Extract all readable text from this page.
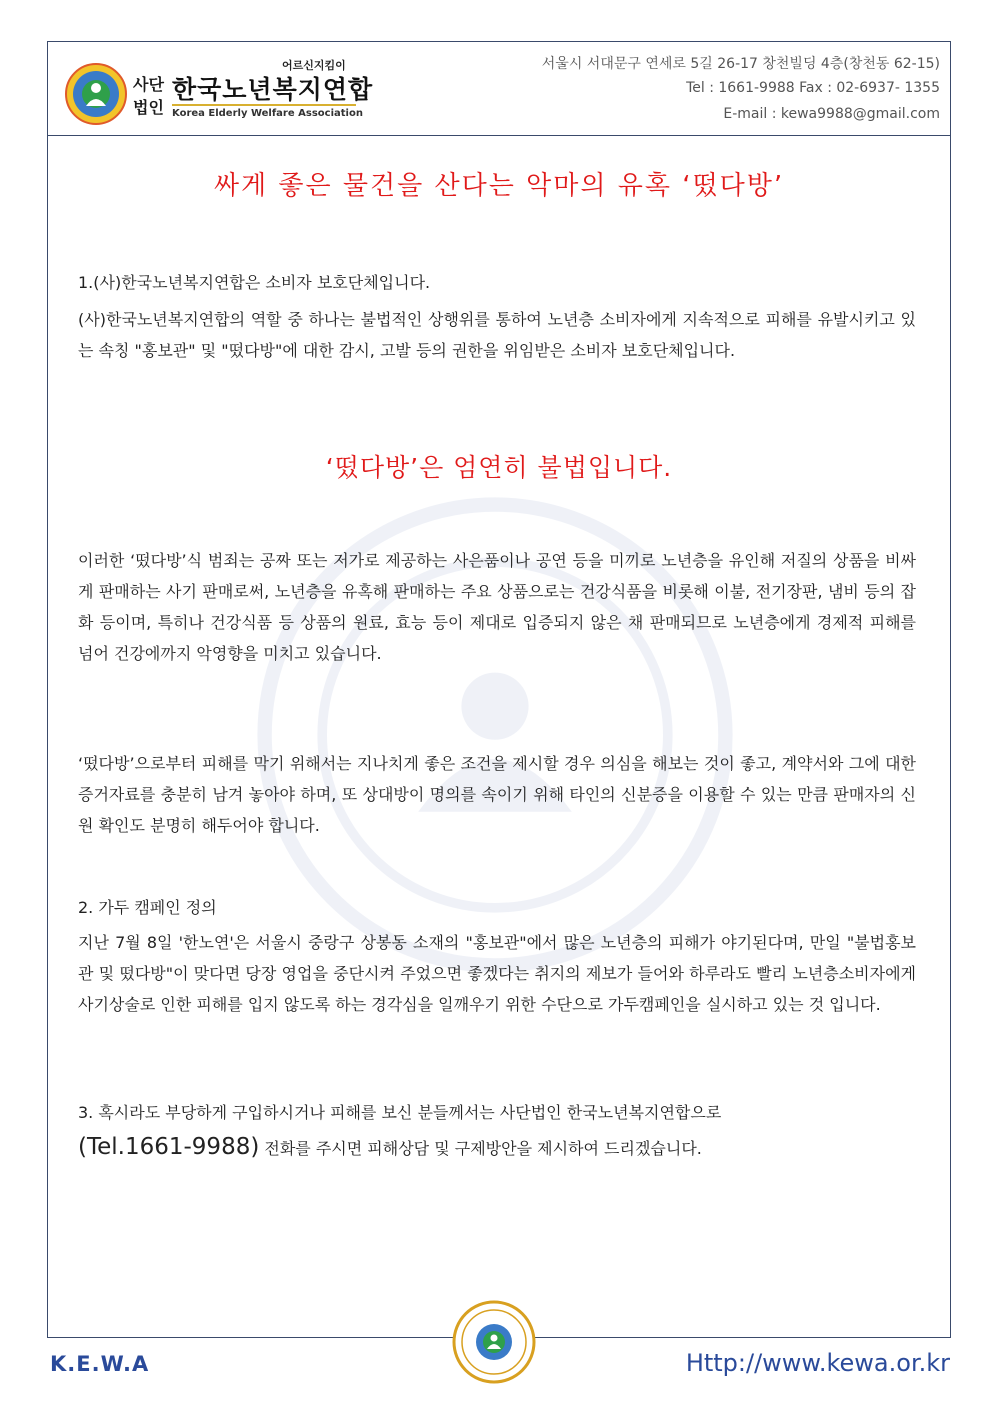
어르신지킴이
사단
법인
한국노년복지연합
Korea Elderly Welfare Association
서울시 서대문구 연세로 5길 26-17 창천빌딩 4층(창천동 62-15)
Tel : 1661-9988 Fax : 02-6937- 1355
E-mail : kewa9988@gmail.com
싸게 좋은 물건을 산다는 악마의 유혹 ‘떴다방’
1.(사)한국노년복지연합은 소비자 보호단체입니다.
(사)한국노년복지연합의 역할 중 하나는 불법적인 상행위를 통하여 노년층 소비자에게 지속적으로 피해를 유발시키고 있는 속칭 "홍보관" 및 "떴다방"에 대한 감시, 고발 등의 권한을 위임받은 소비자 보호단체입니다.
‘떴다방’은 엄연히 불법입니다.
이러한 ‘떴다방’식 범죄는 공짜 또는 저가로 제공하는 사은품이나 공연 등을 미끼로 노년층을 유인해 저질의 상품을 비싸게 판매하는 사기 판매로써, 노년층을 유혹해 판매하는 주요 상품으로는 건강식품을 비롯해 이불, 전기장판, 냄비 등의 잡화 등이며, 특히나 건강식품 등 상품의 원료, 효능 등이 제대로 입증되지 않은 채 판매되므로 노년층에게 경제적 피해를 넘어 건강에까지 악영향을 미치고 있습니다.
‘떴다방’으로부터 피해를 막기 위해서는 지나치게 좋은 조건을 제시할 경우 의심을 해보는 것이 좋고, 계약서와 그에 대한 증거자료를 충분히 남겨 놓아야 하며, 또 상대방이 명의를 속이기 위해 타인의 신분증을 이용할 수 있는 만큼 판매자의 신원 확인도 분명히 해두어야 합니다.
2. 가두 캠페인 정의
지난 7월 8일 '한노연'은 서울시 중랑구 상봉동 소재의 "홍보관"에서 많은 노년층의 피해가 야기된다며, 만일 "불법홍보관 및 떴다방"이 맞다면 당장 영업을 중단시켜 주었으면 좋겠다는 취지의 제보가 들어와 하루라도 빨리 노년층소비자에게 사기상술로 인한 피해를 입지 않도록 하는 경각심을 일깨우기 위한 수단으로 가두캠페인을 실시하고 있는 것 입니다.
3. 혹시라도 부당하게 구입하시거나 피해를 보신 분들께서는 사단법인 한국노년복지연합으로
(Tel.1661-9988) 전화를 주시면 피해상담 및 구제방안을 제시하여 드리겠습니다.
K.E.W.A	Http://www.kewa.or.kr
